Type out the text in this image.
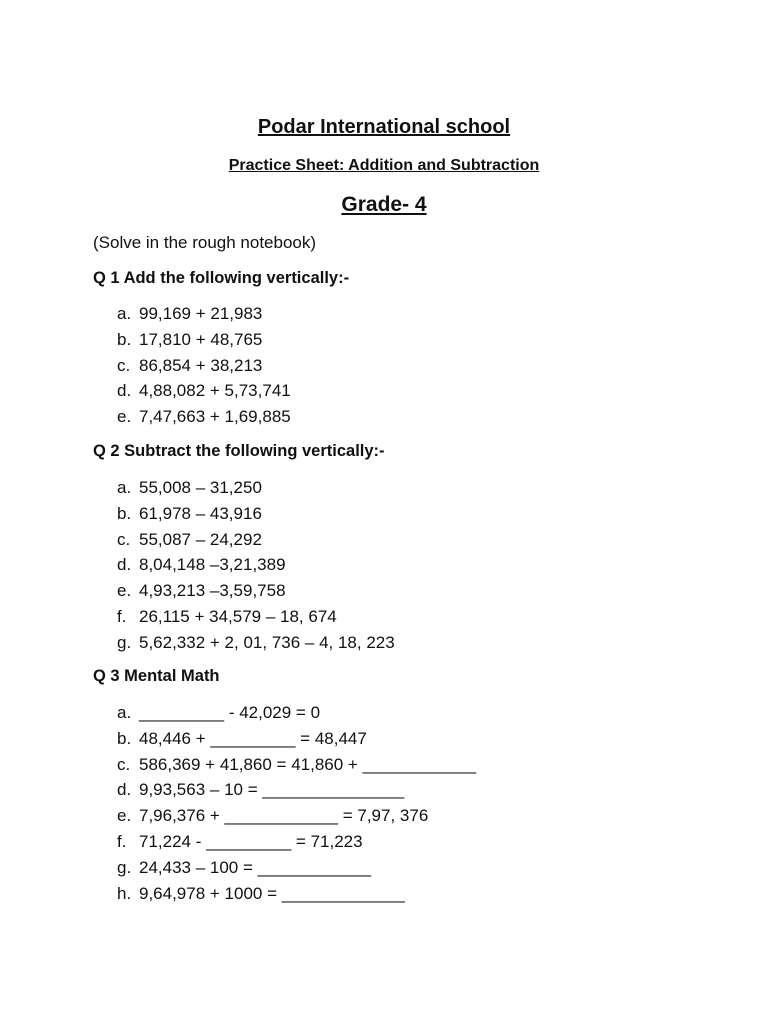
Podar International school
Practice Sheet: Addition and Subtraction
Grade- 4
(Solve in the rough notebook)
Q 1 Add the following vertically:-
a. 99,169 + 21,983
b. 17,810 + 48,765
c. 86,854 + 38,213
d. 4,88,082 + 5,73,741
e. 7,47,663 + 1,69,885
Q 2 Subtract the following vertically:-
a. 55,008 – 31,250
b. 61,978 – 43,916
c. 55,087 – 24,292
d. 8,04,148 –3,21,389
e. 4,93,213 –3,59,758
f. 26,115 + 34,579 – 18, 674
g. 5,62,332 + 2, 01, 736 – 4, 18, 223
Q 3 Mental Math
a. _________ - 42,029 = 0
b. 48,446 + _________ = 48,447
c. 586,369 + 41,860 = 41,860 + ____________
d. 9,93,563 – 10 = _______________
e. 7,96,376 + ____________ = 7,97, 376
f. 71,224 - _________ = 71,223
g. 24,433 – 100 = ____________
h. 9,64,978 + 1000 = _____________
